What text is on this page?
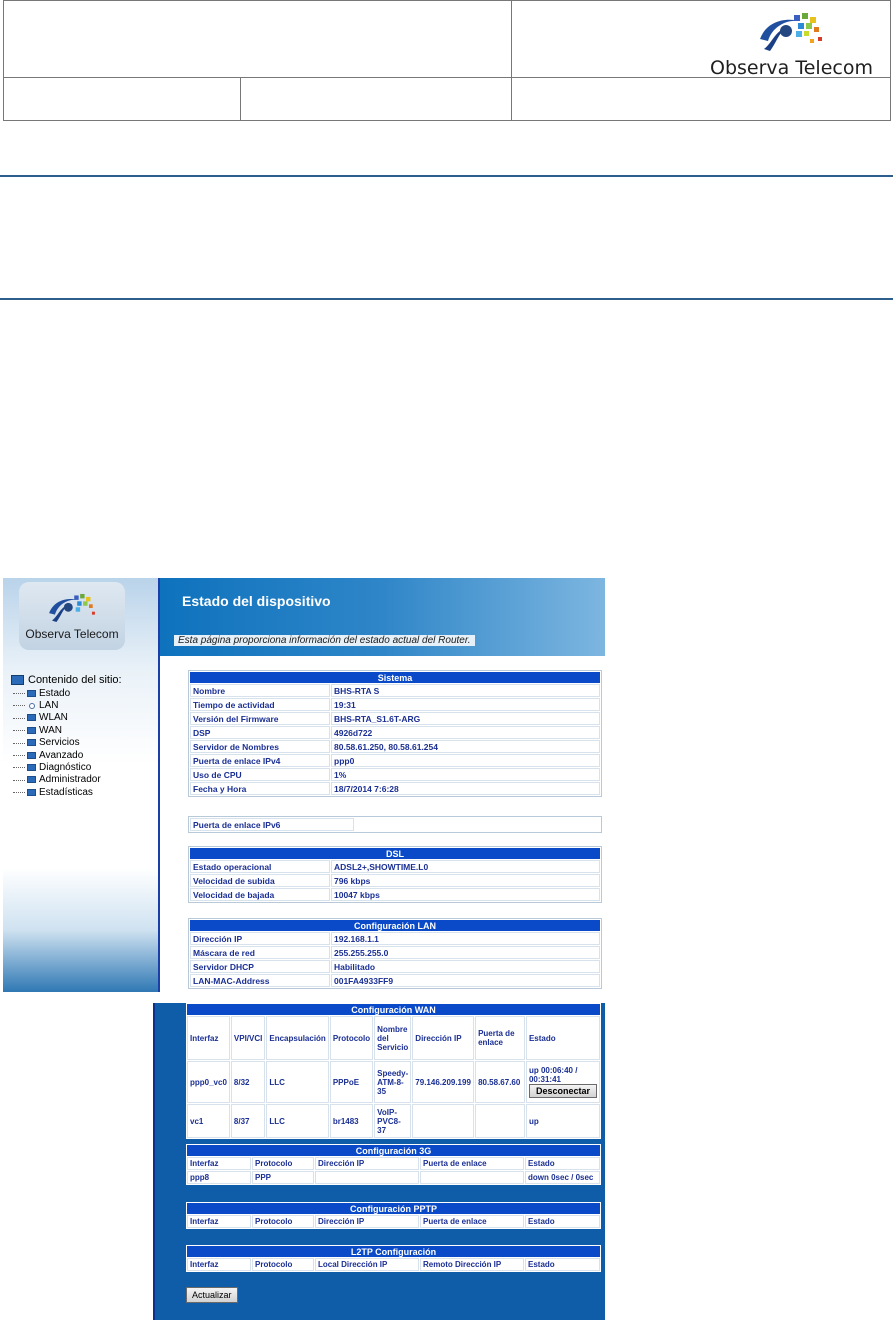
		Observa Telecom

Observa Telecom
Contenido del sitio:
Estado
LAN
WLAN
WAN
Servicios
Avanzado
Diagnóstico
Administrador
Estadísticas
Estado del dispositivo
Esta página proporciona información del estado actual del Router.
Sistema	
Nombre	BHS-RTA S
Tiempo de actividad	19:31
Versión del Firmware	BHS-RTA_S1.6T-ARG
DSP	4926d722
Servidor de Nombres	80.58.61.250, 80.58.61.254
Puerta de enlace IPv4	ppp0
Uso de CPU	1%
Fecha y Hora	18/7/2014 7:6:28
Puerta de enlace IPv6	
DSL	
Estado operacional	ADSL2+,SHOWTIME.L0
Velocidad de subida	796 kbps
Velocidad de bajada	10047 kbps
Configuración LAN	
Dirección IP	192.168.1.1
Máscara de red	255.255.255.0
Servidor DHCP	Habilitado
LAN-MAC-Address	001FA4933FF9
Configuración WAN							
Interfaz	VPI/VCI	Encapsulación	Protocolo	Nombre del Servicio	Dirección IP	Puerta de enlace	Estado
ppp0_vc0	8/32	LLC	PPPoE	Speedy-ATM-8-35	79.146.209.199	80.58.67.60	up 00:06:40 / 00:31:41
Desconectar
vc1	8/37	LLC	br1483	VoIP-PVC8-37			up
Configuración 3G				
Interfaz	Protocolo	Dirección IP	Puerta de enlace	Estado
ppp8	PPP			down 0sec / 0sec
Configuración PPTP
Interfaz	Protocolo	Dirección IP	Puerta de enlace	Estado
L2TP Configuración
Interfaz	Protocolo	Local Dirección IP	Remoto Dirección IP	Estado
Actualizar
